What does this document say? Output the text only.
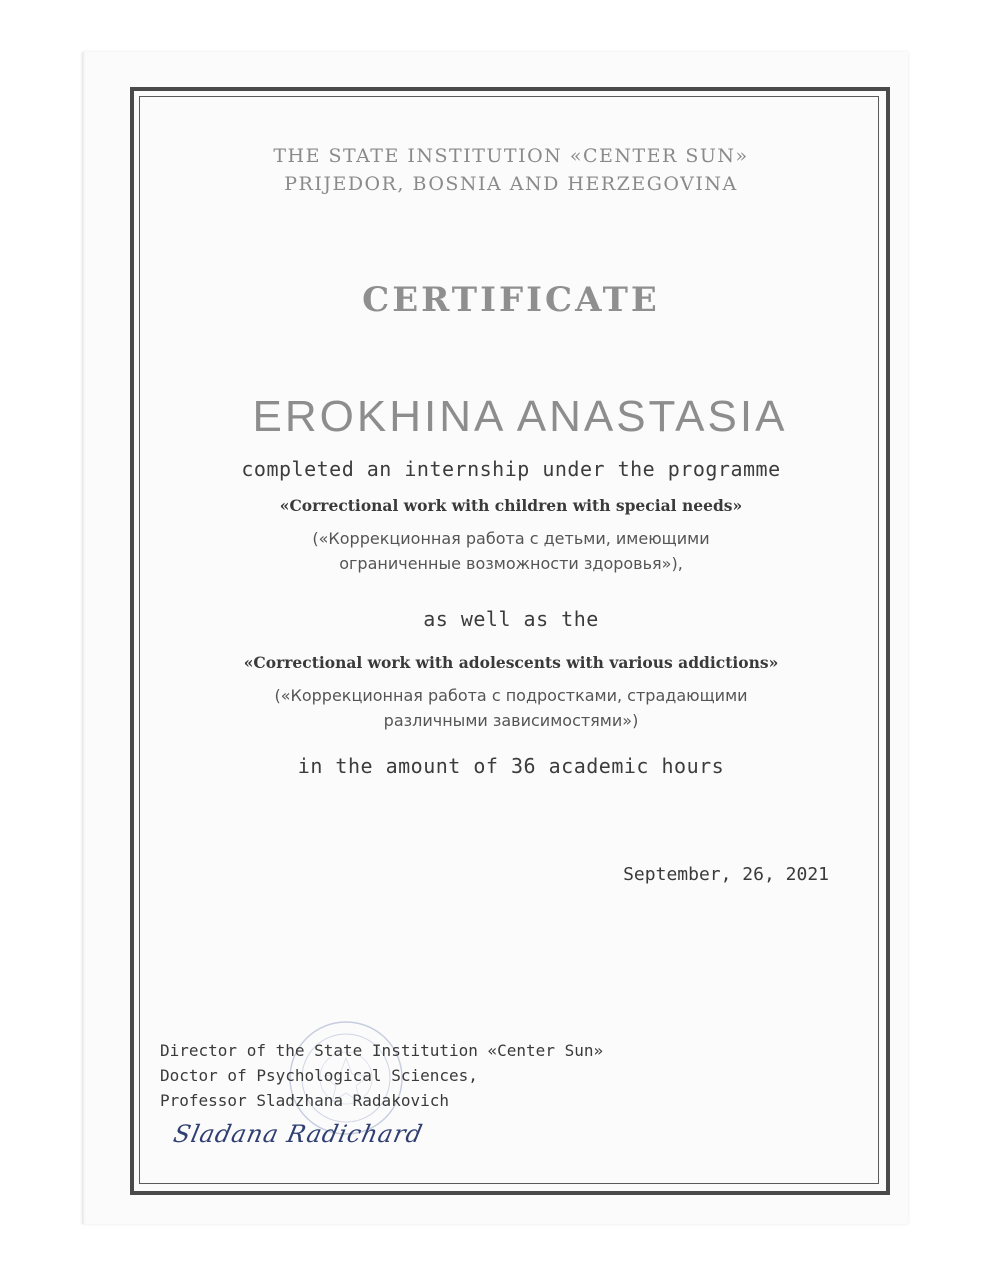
THE STATE INSTITUTION «CENTER SUN»
PRIJEDOR, BOSNIA AND HERZEGOVINA
CERTIFICATE
EROKHINA ANASTASIA
completed an internship under the programme
«Correctional work with children with special needs»
(«Коррекционная работа с детьми, имеющими
ограниченные возможности здоровья»),
as well as the
«Correctional work with adolescents with various addictions»
(«Коррекционная работа с подростками, страдающими
различными зависимостями»)
in the amount of 36 academic hours
September, 26, 2021
Director of the State Institution «Center Sun»
Doctor of Psychological Sciences,
Professor Sladzhana Radakovich
Sladana Radichard
